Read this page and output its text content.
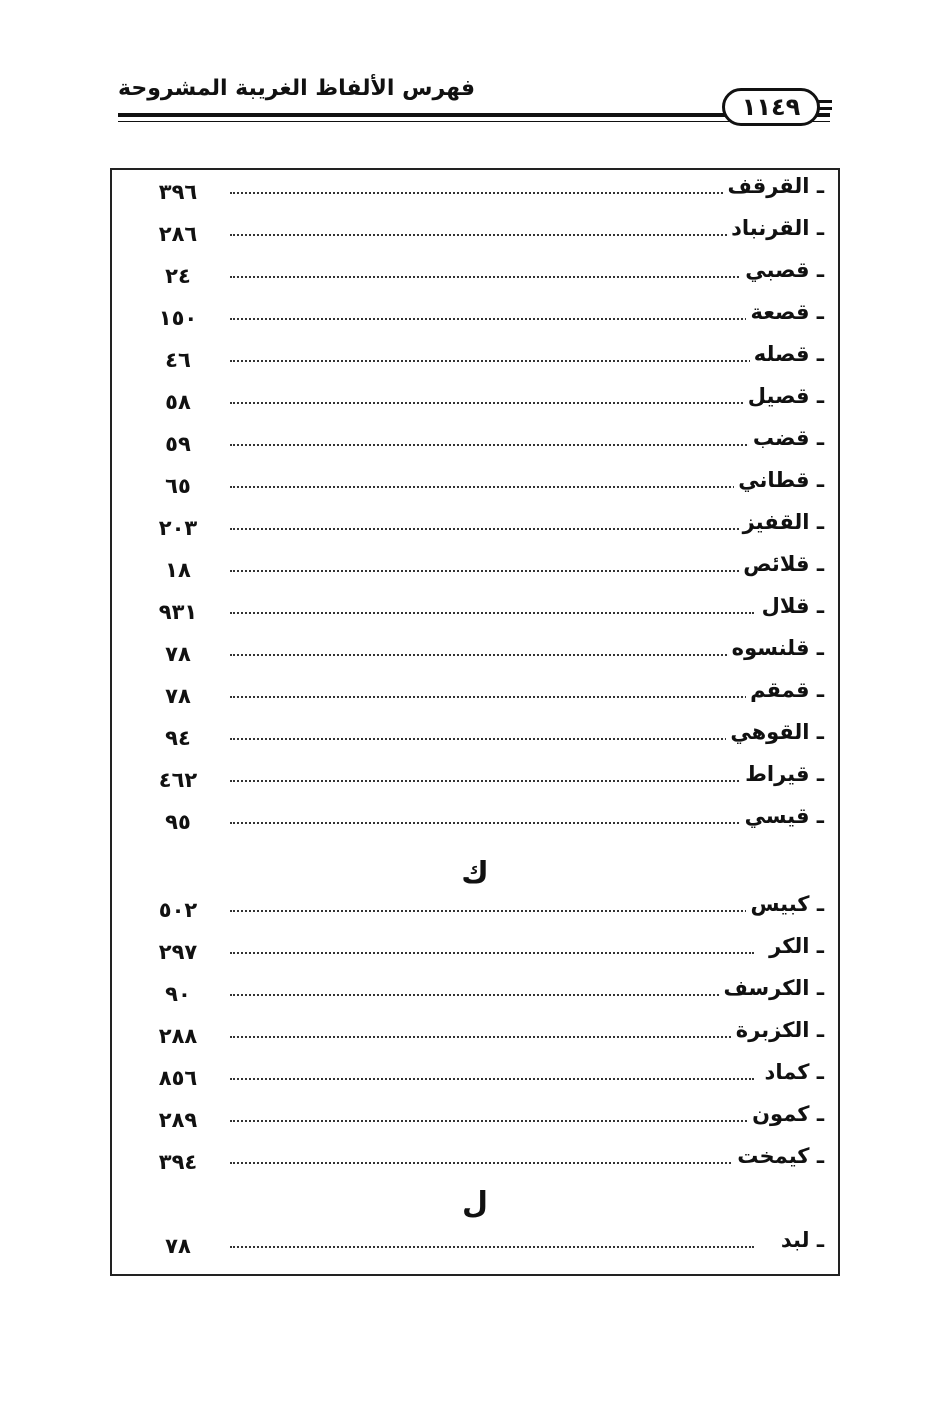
فهرس الألفاظ الغريبة المشروحة
١١٤٩
ـ القرقف
٣٩٦
ـ القرنباد
٢٨٦
ـ قصبي
٢٤
ـ قصعة
١٥٠
ـ قصله
٤٦
ـ قصيل
٥٨
ـ قضب
٥٩
ـ قطاني
٦٥
ـ القفيز
٢٠٣
ـ قلائص
١٨
ـ قلال
٩٣١
ـ قلنسوه
٧٨
ـ قمقم
٧٨
ـ القوهي
٩٤
ـ قيراط
٤٦٢
ـ قيسي
٩٥
ك
ـ كبيس
٥٠٢
ـ الكر
٢٩٧
ـ الكرسف
٩٠
ـ الكزبرة
٢٨٨
ـ كماد
٨٥٦
ـ كمون
٢٨٩
ـ كيمخت
٣٩٤
ل
ـ لبد
٧٨
